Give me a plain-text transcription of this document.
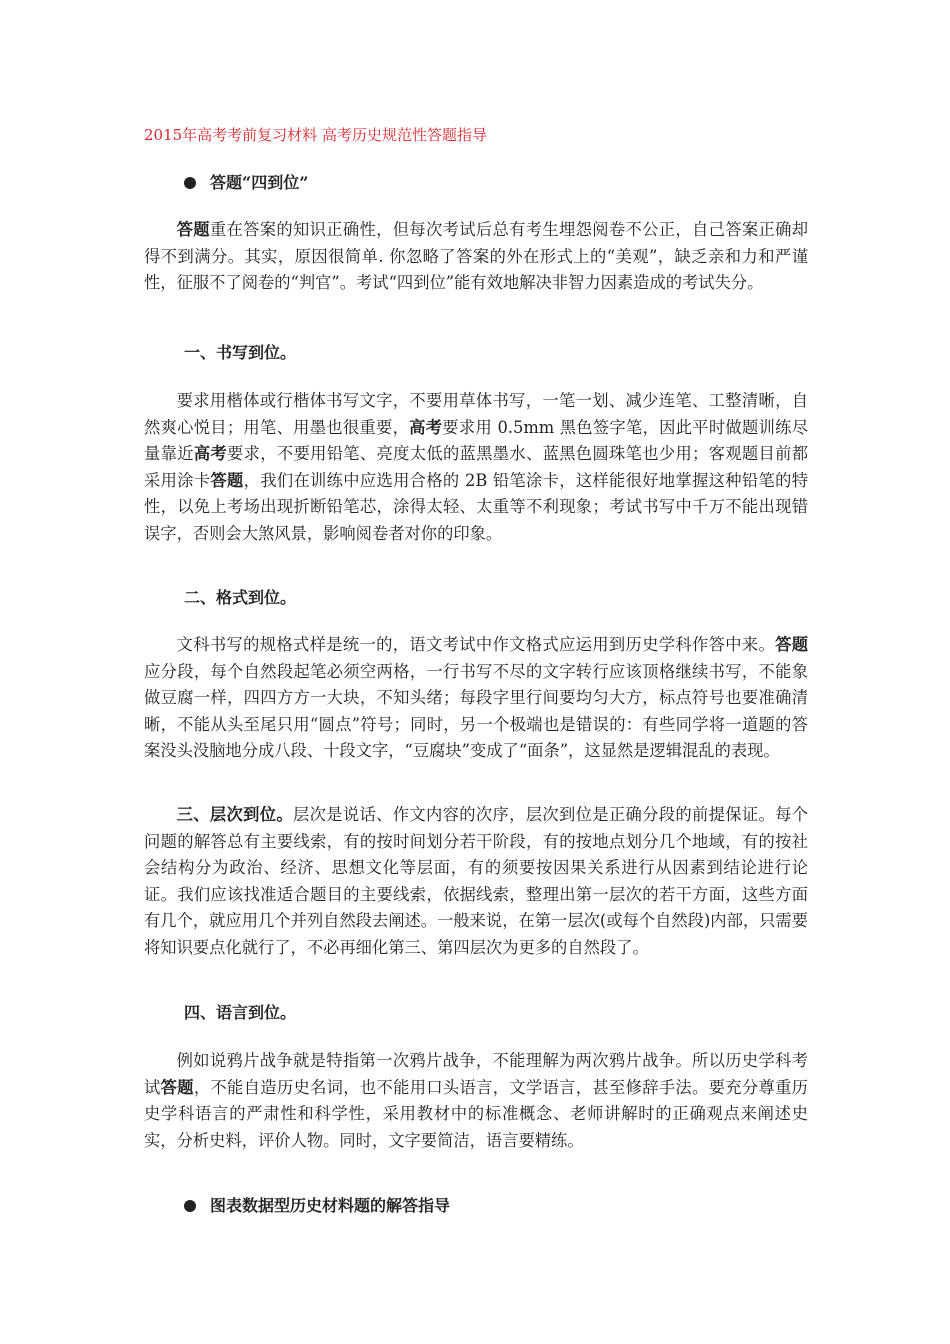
2015年高考考前复习材料 高考历史规范性答题指导
答题“四到位”
答题重在答案的知识正确性，但每次考试后总有考生埋怨阅卷不公正，自己答案正确却得不到满分。其实，原因很简单. 你忽略了答案的外在形式上的“美观”，缺乏亲和力和严谨性，征服不了阅卷的“判官”。考试“四到位”能有效地解决非智力因素造成的考试失分。
一、书写到位。
要求用楷体或行楷体书写文字，不要用草体书写，一笔一划、减少连笔、工整清晰，自然爽心悦目；用笔、用墨也很重要，高考要求用 0.5mm 黑色签字笔，因此平时做题训练尽量靠近高考要求，不要用铅笔、亮度太低的蓝黑墨水、蓝黑色圆珠笔也少用；客观题目前都采用涂卡答题，我们在训练中应选用合格的 2B 铅笔涂卡，这样能很好地掌握这种铅笔的特性，以免上考场出现折断铅笔芯，涂得太轻、太重等不利现象；考试书写中千万不能出现错误字，否则会大煞风景，影响阅卷者对你的印象。
二、格式到位。
文科书写的规格式样是统一的，语文考试中作文格式应运用到历史学科作答中来。答题应分段，每个自然段起笔必须空两格，一行书写不尽的文字转行应该顶格继续书写，不能象做豆腐一样，四四方方一大块，不知头绪；每段字里行间要均匀大方，标点符号也要准确清晰，不能从头至尾只用“圆点”符号；同时，另一个极端也是错误的：有些同学将一道题的答案没头没脑地分成八段、十段文字，“豆腐块”变成了“面条”，这显然是逻辑混乱的表现。
三、层次到位。层次是说话、作文内容的次序，层次到位是正确分段的前提保证。每个问题的解答总有主要线索，有的按时间划分若干阶段，有的按地点划分几个地域，有的按社会结构分为政治、经济、思想文化等层面，有的须要按因果关系进行从因素到结论进行论证。我们应该找准适合题目的主要线索，依据线索，整理出第一层次的若干方面，这些方面有几个，就应用几个并列自然段去阐述。一般来说，在第一层次(或每个自然段)内部，只需要将知识要点化就行了，不必再细化第三、第四层次为更多的自然段了。
四、语言到位。
例如说鸦片战争就是特指第一次鸦片战争，不能理解为两次鸦片战争。所以历史学科考试答题，不能自造历史名词，也不能用口头语言，文学语言，甚至修辞手法。要充分尊重历史学科语言的严肃性和科学性，采用教材中的标准概念、老师讲解时的正确观点来阐述史实，分析史料，评价人物。同时，文字要简洁，语言要精练。
图表数据型历史材料题的解答指导
